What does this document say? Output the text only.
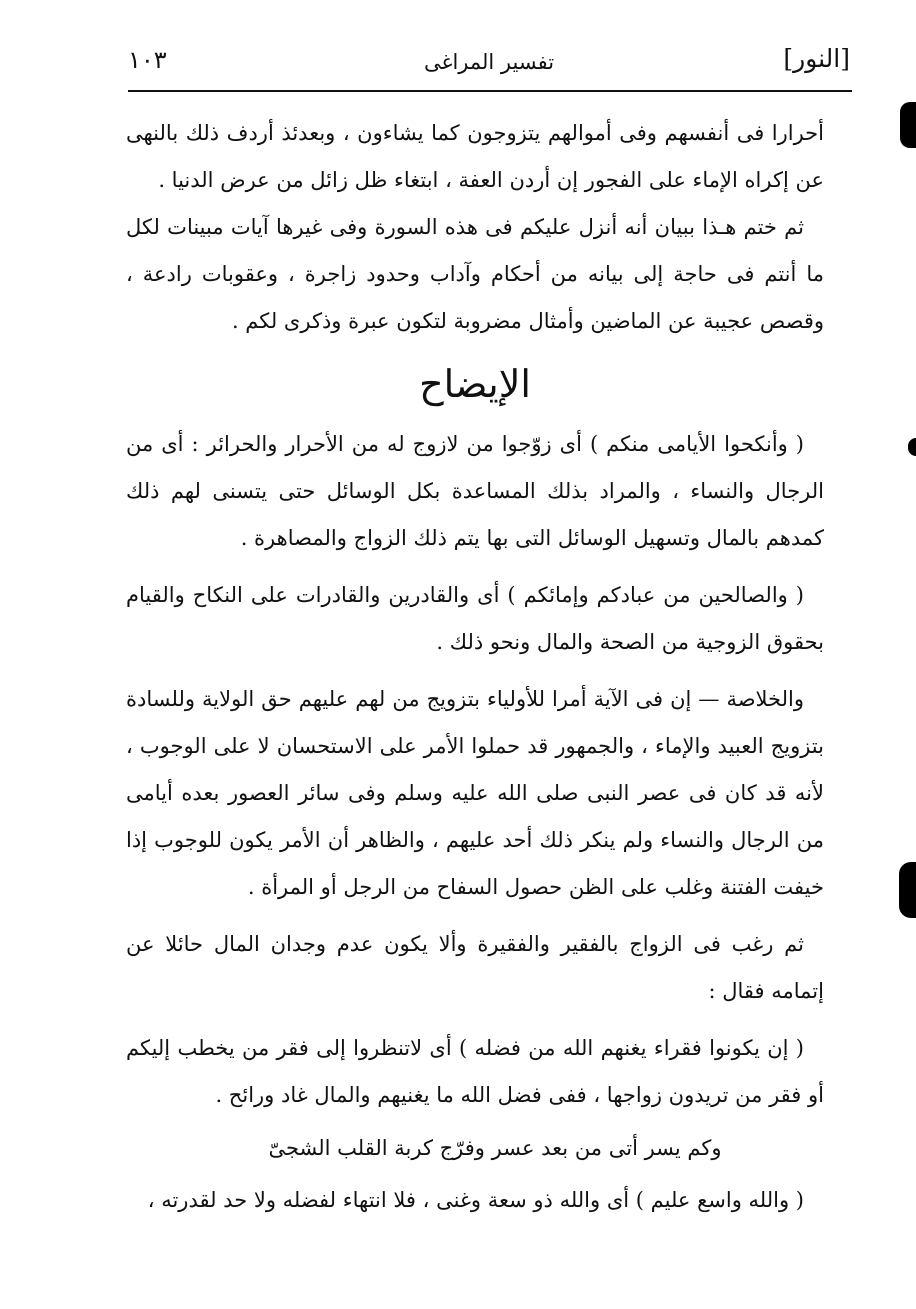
[النور]
تفسير المراغى
١٠٣

أحرارا فى أنفسهم وفى أموالهم يتزوجون كما يشاءون ، وبعدئذ أردف ذلك بالنهى عن إكراه الإماء على الفجور إن أردن العفة ، ابتغاء ظل زائل من عرض الدنيا .

ثم ختم هـذا ببيان أنه أنزل عليكم فى هذه السورة وفى غيرها آيات مبينات لكل ما أنتم فى حاجة إلى بيانه من أحكام وآداب وحدود زاجرة ، وعقوبات رادعة ، وقصص عجيبة عن الماضين وأمثال مضروبة لتكون عبرة وذكرى لكم .

الإيضاح

( وأنكحوا الأيامى منكم ) أى زوّجوا من لازوج له من الأحرار والحرائر : أى من الرجال والنساء ، والمراد بذلك المساعدة بكل الوسائل حتى يتسنى لهم ذلك كمدهم بالمال وتسهيل الوسائل التى بها يتم ذلك الزواج والمصاهرة .

( والصالحين من عبادكم وإمائكم ) أى والقادرين والقادرات على النكاح والقيام بحقوق الزوجية من الصحة والمال ونحو ذلك .

والخلاصة — إن فى الآية أمرا للأولياء بتزويج من لهم عليهم حق الولاية وللسادة بتزويج العبيد والإماء ، والجمهور قد حملوا الأمر على الاستحسان لا على الوجوب ، لأنه قد كان فى عصر النبى صلى الله عليه وسلم وفى سائر العصور بعده أيامى من الرجال والنساء ولم ينكر ذلك أحد عليهم ، والظاهر أن الأمر يكون للوجوب إذا خيفت الفتنة وغلب على الظن حصول السفاح من الرجل أو المرأة .

ثم رغب فى الزواج بالفقير والفقيرة وألا يكون عدم وجدان المال حائلا عن إتمامه فقال :

( إن يكونوا فقراء يغنهم الله من فضله ) أى لاتنظروا إلى فقر من يخطب إليكم أو فقر من تريدون زواجها ، ففى فضل الله ما يغنيهم والمال غاد ورائح .

وكم يسر أتى من بعد عسر وفرّج كربة القلب الشجىّ

( والله واسع عليم ) أى والله ذو سعة وغنى ، فلا انتهاء لفضله ولا حد لقدرته ،
